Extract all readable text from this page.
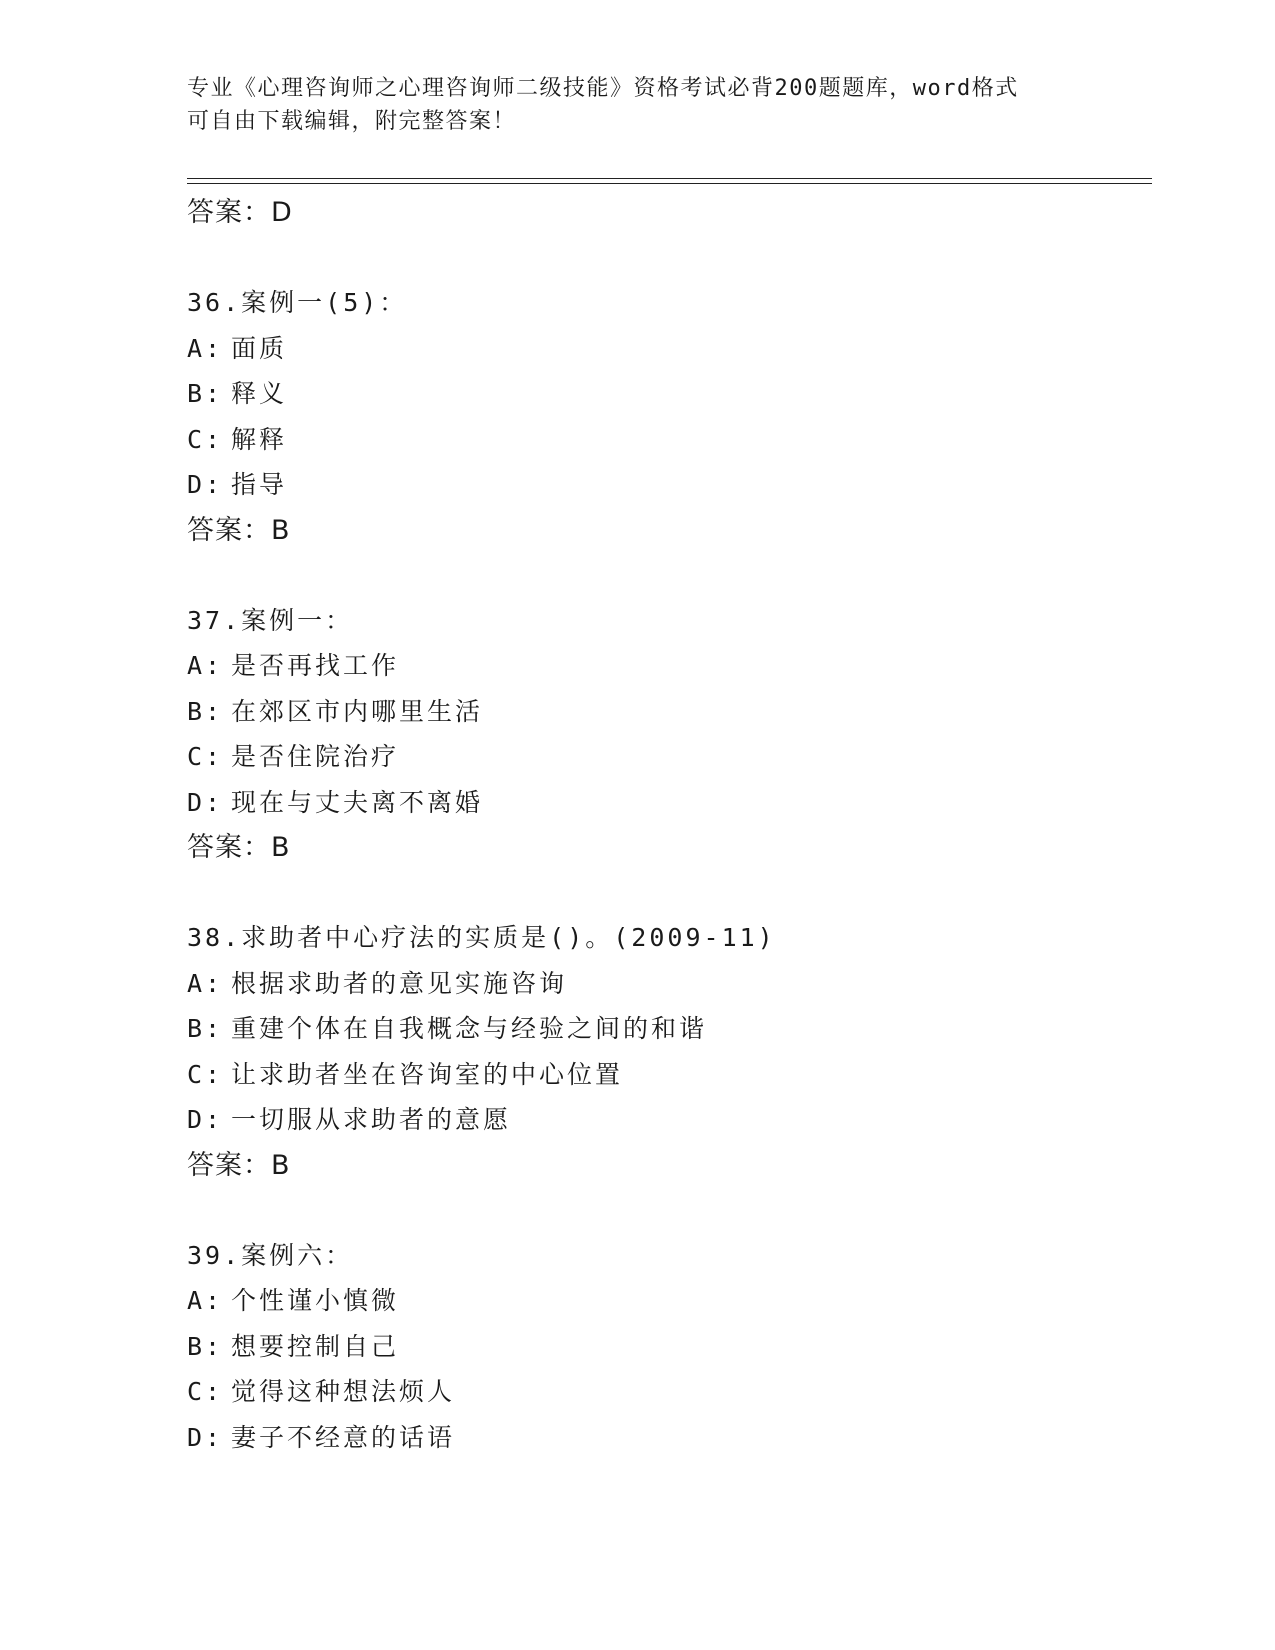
专业《心理咨询师之心理咨询师二级技能》资格考试必背200题题库，word格式
可自由下载编辑，附完整答案！
答案：D
36.案例一(5)：
A: 面质
B: 释义
C: 解释
D: 指导
答案：B
37.案例一：
A: 是否再找工作
B: 在郊区市内哪里生活
C: 是否住院治疗
D: 现在与丈夫离不离婚
答案：B
38.求助者中心疗法的实质是()。(2009-11)
A: 根据求助者的意见实施咨询
B: 重建个体在自我概念与经验之间的和谐
C: 让求助者坐在咨询室的中心位置
D: 一切服从求助者的意愿
答案：B
39.案例六：
A: 个性谨小慎微
B: 想要控制自己
C: 觉得这种想法烦人
D: 妻子不经意的话语
